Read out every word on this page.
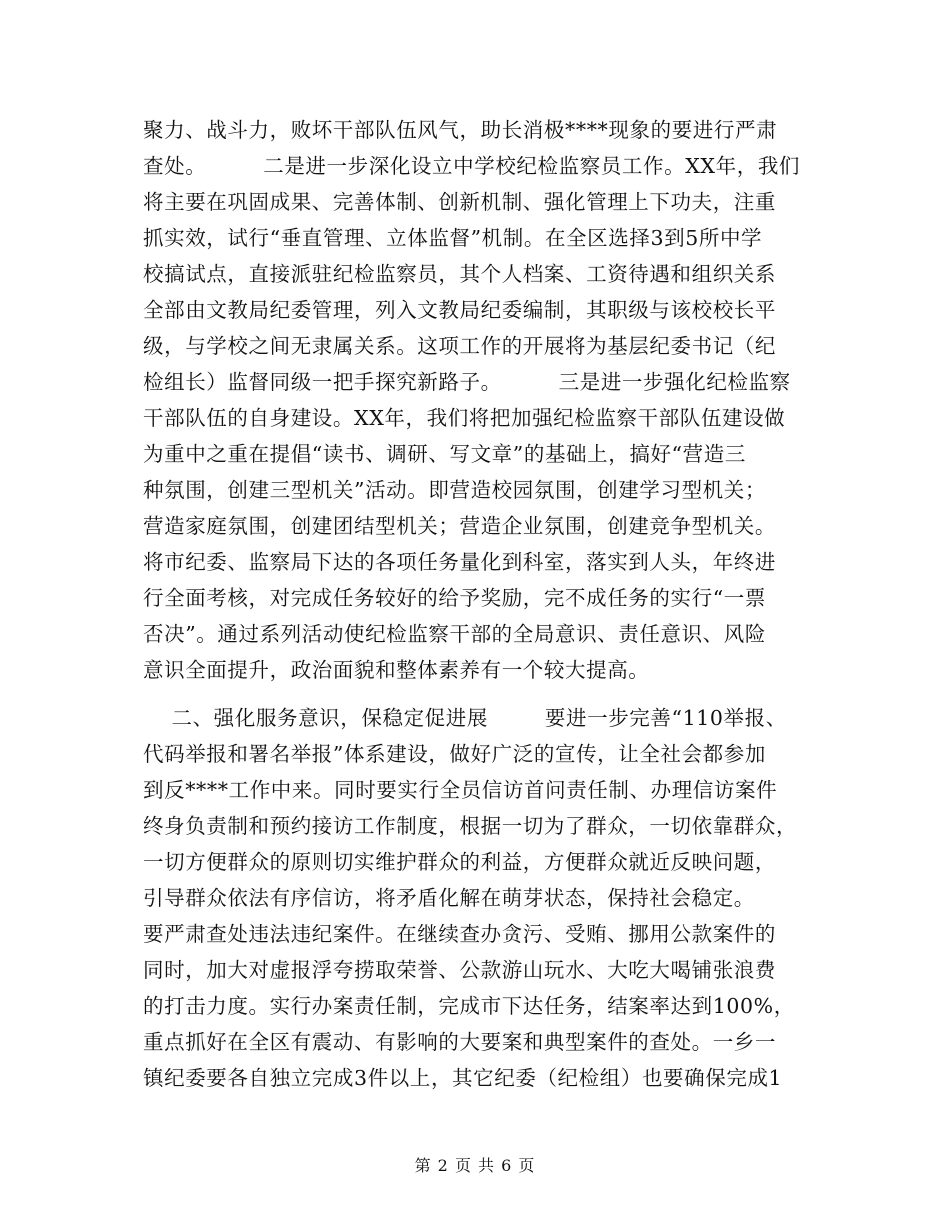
聚力、战斗力，败坏干部队伍风气，助长消极****现象的要进行严肃
查处。        二是进一步深化设立中学校纪检监察员工作。XX年，我们
将主要在巩固成果、完善体制、创新机制、强化管理上下功夫，注重
抓实效，试行“垂直管理、立体监督”机制。在全区选择3到5所中学
校搞试点，直接派驻纪检监察员，其个人档案、工资待遇和组织关系
全部由文教局纪委管理，列入文教局纪委编制，其职级与该校校长平
级，与学校之间无隶属关系。这项工作的开展将为基层纪委书记（纪
检组长）监督同级一把手探究新路子。        三是进一步强化纪检监察
干部队伍的自身建设。XX年，我们将把加强纪检监察干部队伍建设做
为重中之重在提倡“读书、调研、写文章”的基础上，搞好“营造三
种氛围，创建三型机关”活动。即营造校园氛围，创建学习型机关；
营造家庭氛围，创建团结型机关；营造企业氛围，创建竞争型机关。
将市纪委、监察局下达的各项任务量化到科室，落实到人头，年终进
行全面考核，对完成任务较好的给予奖励，完不成任务的实行“一票
否决”。通过系列活动使纪检监察干部的全局意识、责任意识、风险
意识全面提升，政治面貌和整体素养有一个较大提高。
二、强化服务意识，保稳定促进展        要进一步完善“110举报、
代码举报和署名举报”体系建设，做好广泛的宣传，让全社会都参加
到反****工作中来。同时要实行全员信访首问责任制、办理信访案件
终身负责制和预约接访工作制度，根据一切为了群众，一切依靠群众，
一切方便群众的原则切实维护群众的利益，方便群众就近反映问题，
引导群众依法有序信访，将矛盾化解在萌芽状态，保持社会稳定。
要严肃查处违法违纪案件。在继续查办贪污、受贿、挪用公款案件的
同时，加大对虚报浮夸捞取荣誉、公款游山玩水、大吃大喝铺张浪费
的打击力度。实行办案责任制，完成市下达任务，结案率达到100%，
重点抓好在全区有震动、有影响的大要案和典型案件的查处。一乡一
镇纪委要各自独立完成3件以上，其它纪委（纪检组）也要确保完成1
第 2 页 共 6 页
